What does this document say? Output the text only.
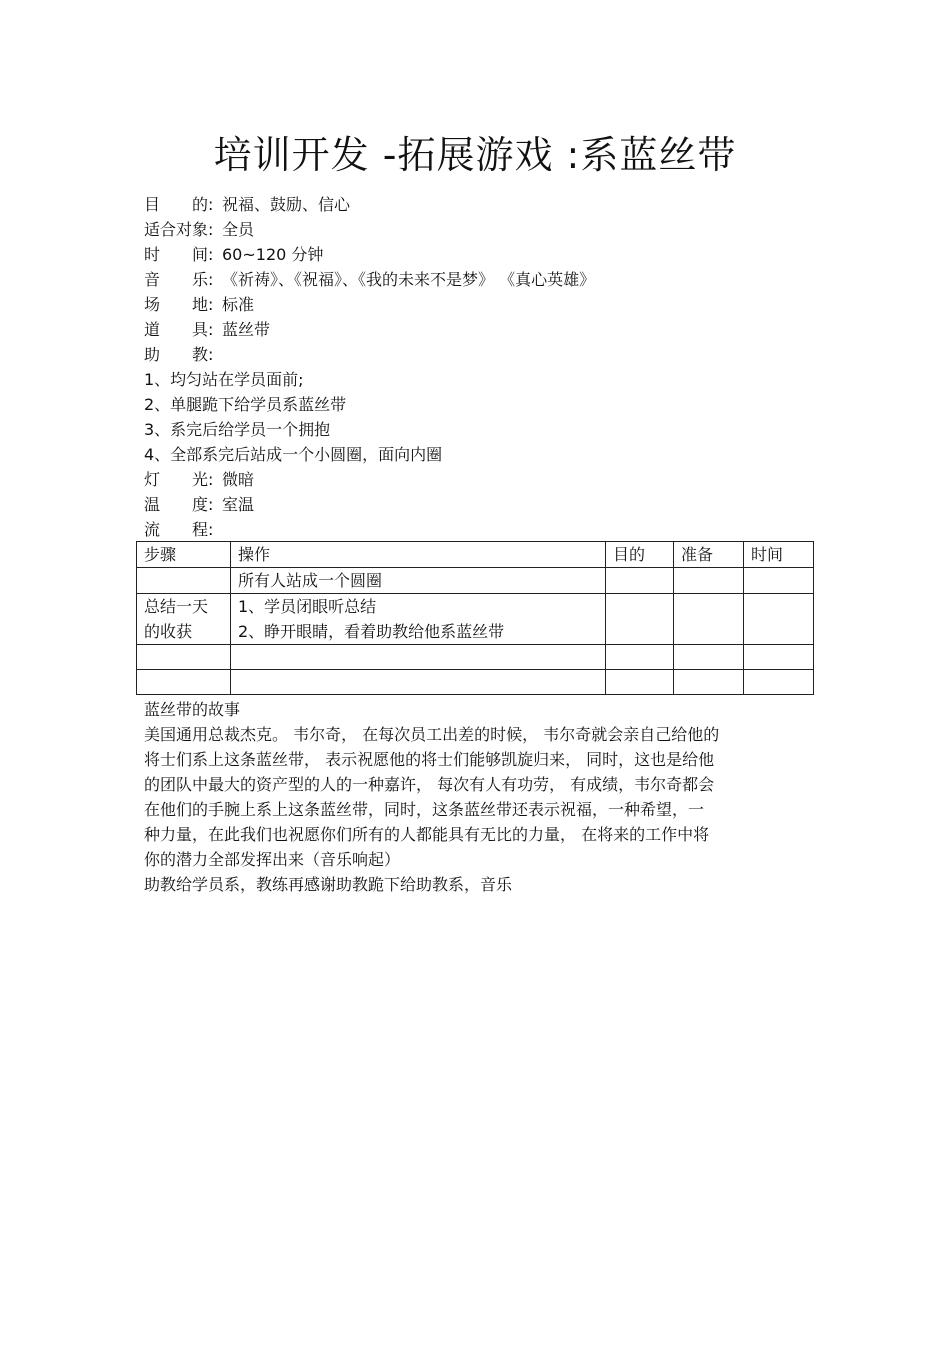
培训开发 -拓展游戏 :系蓝丝带
目的: 祝福、鼓励、信心
适合对象: 全员
时间: 60~120 分钟
音乐: 《祈祷》、《祝福》、《我的未来不是梦》 《真心英雄》
场地: 标准
道具: 蓝丝带
助教:
1、均匀站在学员面前;
2、单腿跪下给学员系蓝丝带
3、系完后给学员一个拥抱
4、全部系完后站成一个小圆圈，面向内圈
灯光: 微暗
温度: 室温
流程:
步骤	操作	目的	准备	时间
	所有人站成一个圆圈			
总结一天
的收获	1、学员闭眼听总结
2、睁开眼睛，看着助教给他系蓝丝带			

蓝丝带的故事
美国通用总裁杰克。 韦尔奇， 在每次员工出差的时候， 韦尔奇就会亲自己给他的
将士们系上这条蓝丝带， 表示祝愿他的将士们能够凯旋归来， 同时，这也是给他
的团队中最大的资产型的人的一种嘉许， 每次有人有功劳， 有成绩，韦尔奇都会
在他们的手腕上系上这条蓝丝带，同时，这条蓝丝带还表示祝福，一种希望，一
种力量，在此我们也祝愿你们所有的人都能具有无比的力量， 在将来的工作中将
你的潜力全部发挥出来（音乐响起）
助教给学员系，教练再感谢助教跪下给助教系，音乐
